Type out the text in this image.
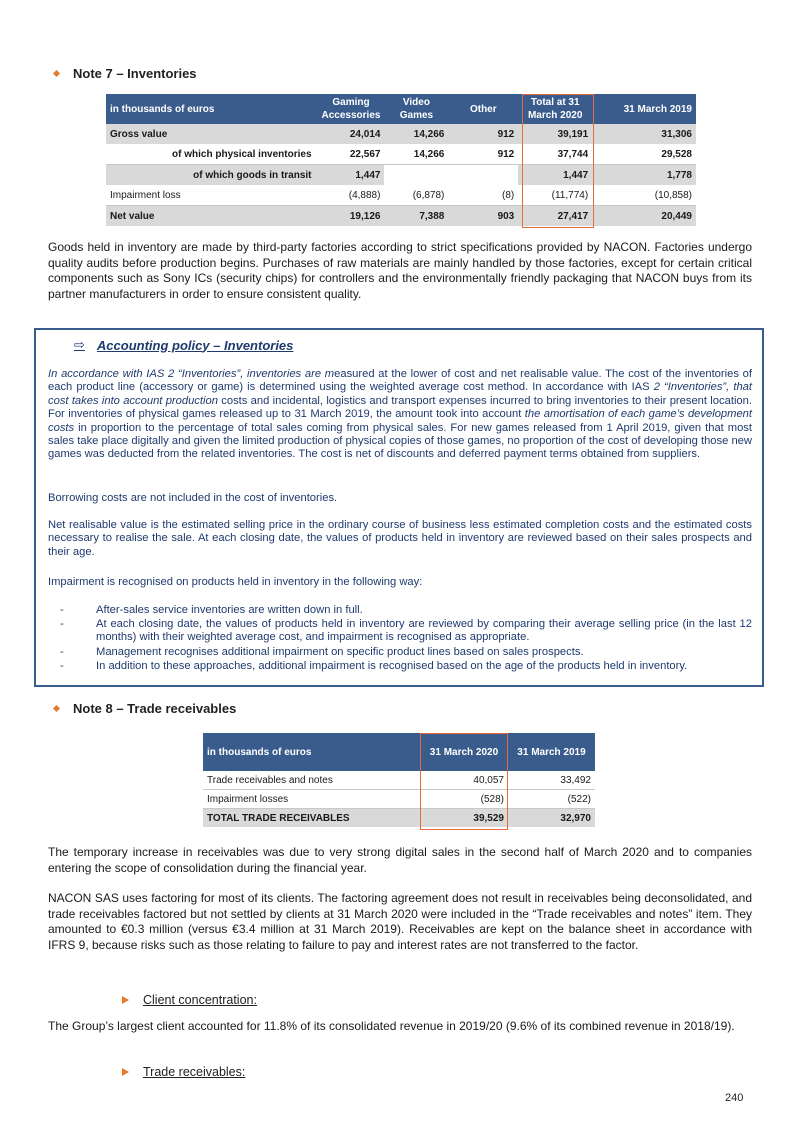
Note 7 – Inventories
in thousands of euros	Gaming Accessories	Video Games	Other	Total at 31 March 2020	31 March 2019
Gross value	24,014	14,266	912	39,191	31,306
of which physical inventories	22,567	14,266	912	37,744	29,528
of which goods in transit	1,447			1,447	1,778
Impairment loss	(4,888)	(6,878)	(8)	(11,774)	(10,858)
Net value	19,126	7,388	903	27,417	20,449
Goods held in inventory are made by third-party factories according to strict specifications provided by NACON. Factories undergo quality audits before production begins. Purchases of raw materials are mainly handled by those factories, except for certain critical components such as Sony ICs (security chips) for controllers and the environmentally friendly packaging that NACON buys from its partner manufacturers in order to ensure consistent quality.
⇨ Accounting policy – Inventories
In accordance with IAS 2 “Inventories”, inventories are measured at the lower of cost and net realisable value. The cost of the inventories of each product line (accessory or game) is determined using the weighted average cost method. In accordance with IAS 2 “Inventories”, that cost takes into account production costs and incidental, logistics and transport expenses incurred to bring inventories to their present location. For inventories of physical games released up to 31 March 2019, the amount took into account the amortisation of each game’s development costs in proportion to the percentage of total sales coming from physical sales. For new games released from 1 April 2019, given that most sales take place digitally and given the limited production of physical copies of those games, no proportion of the cost of developing those new games was deducted from the related inventories. The cost is net of discounts and deferred payment terms obtained from suppliers.
Borrowing costs are not included in the cost of inventories.
Net realisable value is the estimated selling price in the ordinary course of business less estimated completion costs and the estimated costs necessary to realise the sale. At each closing date, the values of products held in inventory are reviewed based on their sales prospects and their age.
Impairment is recognised on products held in inventory in the following way:
-	After-sales service inventories are written down in full.
-	At each closing date, the values of products held in inventory are reviewed by comparing their average selling price (in the last 12 months) with their weighted average cost, and impairment is recognised as appropriate.
-	Management recognises additional impairment on specific product lines based on sales prospects.
-	In addition to these approaches, additional impairment is recognised based on the age of the products held in inventory.
Note 8 – Trade receivables
in thousands of euros	31 March 2020	31 March 2019
Trade receivables and notes	40,057	33,492
Impairment losses	(528)	(522)
TOTAL TRADE RECEIVABLES	39,529	32,970
The temporary increase in receivables was due to very strong digital sales in the second half of March 2020 and to companies entering the scope of consolidation during the financial year.
NACON SAS uses factoring for most of its clients. The factoring agreement does not result in receivables being deconsolidated, and trade receivables factored but not settled by clients at 31 March 2020 were included in the “Trade receivables and notes” item. They amounted to €0.3 million (versus €3.4 million at 31 March 2019). Receivables are kept on the balance sheet in accordance with IFRS 9, because risks such as those relating to failure to pay and interest rates are not transferred to the factor.
Client concentration:
The Group’s largest client accounted for 11.8% of its consolidated revenue in 2019/20 (9.6% of its combined revenue in 2018/19).
Trade receivables:
240
